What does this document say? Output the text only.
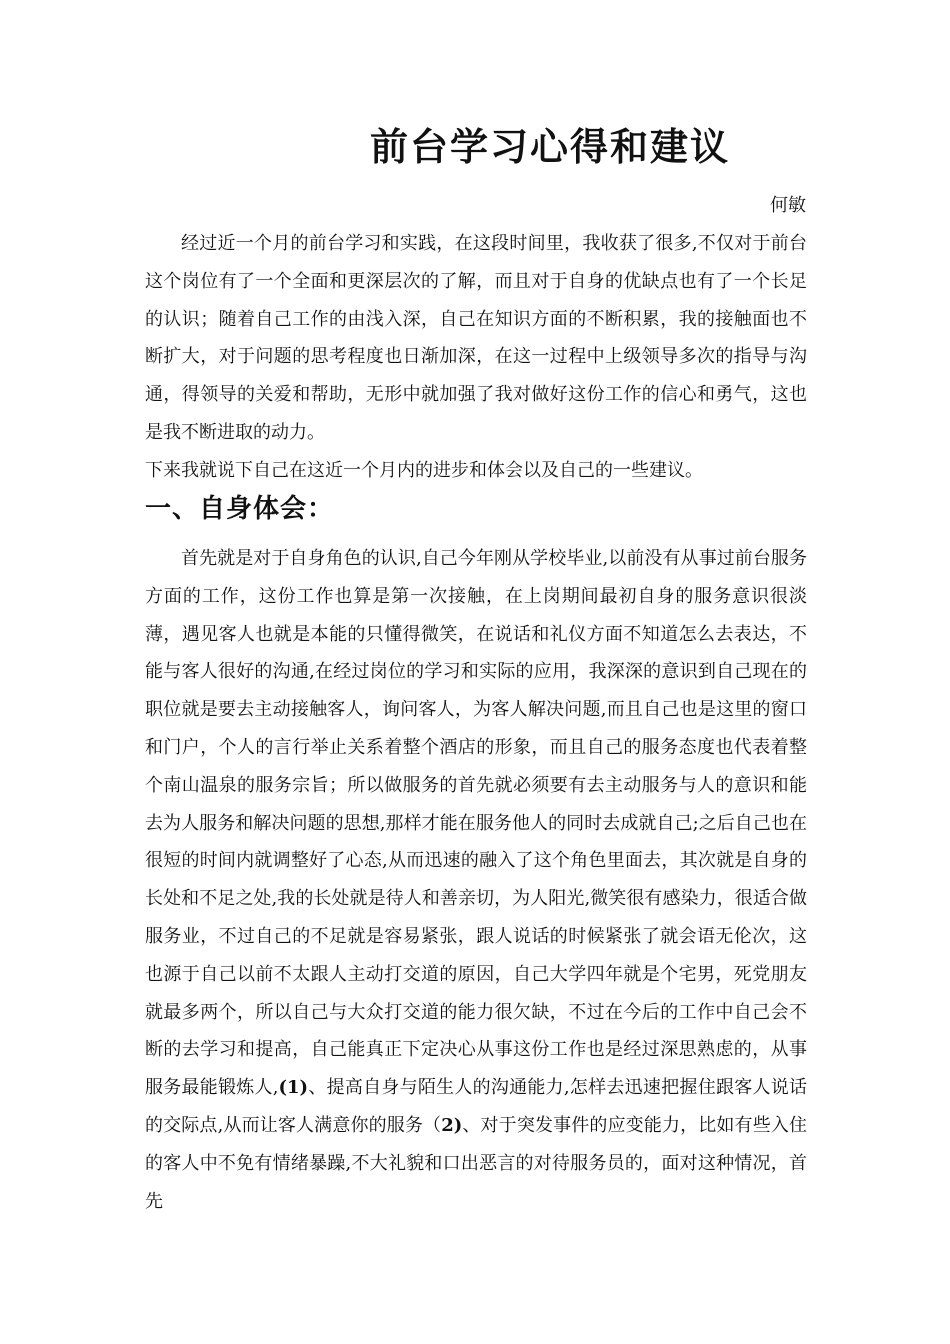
前台学习心得和建议
何敏

经过近一个月的前台学习和实践，在这段时间里，我收获了很多,不仅对于前台这个岗位有了一个全面和更深层次的了解，而且对于自身的优缺点也有了一个长足的认识；随着自己工作的由浅入深，自己在知识方面的不断积累，我的接触面也不断扩大，对于问题的思考程度也日渐加深，在这一过程中上级领导多次的指导与沟通，得领导的关爱和帮助，无形中就加强了我对做好这份工作的信心和勇气，这也是我不断进取的动力。

下来我就说下自己在这近一个月内的进步和体会以及自己的一些建议。

一、自身体会：

首先就是对于自身角色的认识,自己今年刚从学校毕业,以前没有从事过前台服务方面的工作，这份工作也算是第一次接触，在上岗期间最初自身的服务意识很淡薄，遇见客人也就是本能的只懂得微笑，在说话和礼仪方面不知道怎么去表达，不能与客人很好的沟通,在经过岗位的学习和实际的应用，我深深的意识到自己现在的职位就是要去主动接触客人，询问客人，为客人解决问题,而且自己也是这里的窗口和门户，个人的言行举止关系着整个酒店的形象，而且自己的服务态度也代表着整个南山温泉的服务宗旨；所以做服务的首先就必须要有去主动服务与人的意识和能去为人服务和解决问题的思想,那样才能在服务他人的同时去成就自己;之后自己也在很短的时间内就调整好了心态,从而迅速的融入了这个角色里面去，其次就是自身的长处和不足之处,我的长处就是待人和善亲切，为人阳光,微笑很有感染力，很适合做服务业，不过自己的不足就是容易紧张，跟人说话的时候紧张了就会语无伦次，这也源于自己以前不太跟人主动打交道的原因，自己大学四年就是个宅男，死党朋友就最多两个，所以自己与大众打交道的能力很欠缺，不过在今后的工作中自己会不断的去学习和提高，自己能真正下定决心从事这份工作也是经过深思熟虑的，从事服务最能锻炼人,(1)、提高自身与陌生人的沟通能力,怎样去迅速把握住跟客人说话的交际点,从而让客人满意你的服务（2)、对于突发事件的应变能力，比如有些入住的客人中不免有情绪暴躁,不大礼貌和口出恶言的对待服务员的，面对这种情况，首先
